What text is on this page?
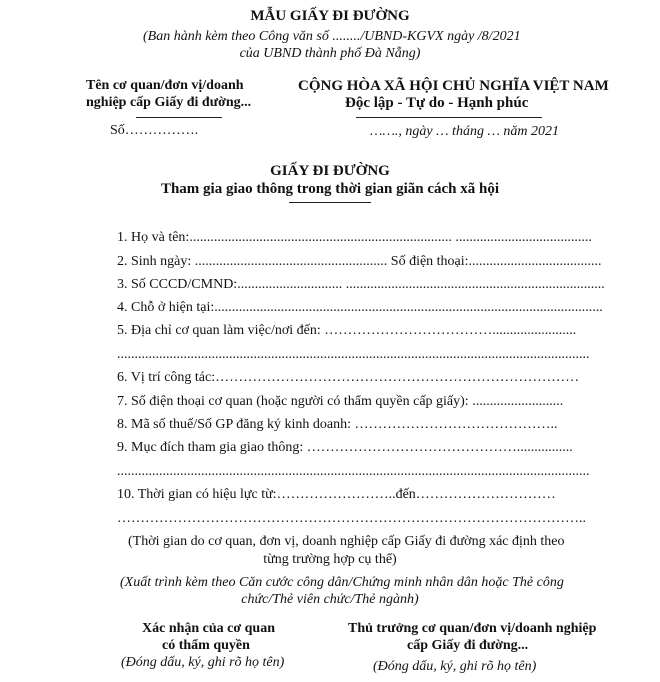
MẪU GIẤY ĐI ĐƯỜNG
(Ban hành kèm theo Công văn số ......../UBND-KGVX ngày /8/2021
của UBND thành phố Đà Nẵng)
Tên cơ quan/đơn vị/doanh
nghiệp cấp Giấy đi đường...
Số…………….
CỘNG HÒA XÃ HỘI CHỦ NGHĨA VIỆT NAM
Độc lập - Tự do - Hạnh phúc
……., ngày … tháng … năm 2021
GIẤY ĐI ĐƯỜNG
Tham gia giao thông trong thời gian giãn cách xã hội
1. Họ và tên:........................................................................... .......................................
2. Sinh ngày: ....................................................... Số điện thoại:......................................
3. Số CCCD/CMND:.............................. ..........................................................................
4. Chỗ ở hiện tại:...............................................................................................................
5. Địa chỉ cơ quan làm việc/nơi đến: ………………………………........................
.......................................................................................................................................
6. Vị trí công tác:……………………………………………………………………
7. Số điện thoại cơ quan (hoặc người có thẩm quyền cấp giấy): ..........................
8. Mã số thuế/Số GP đăng ký kinh doanh: ……………………………………..
9. Mục đích tham gia giao thông: ………………………………………................
.......................................................................................................................................
10. Thời gian có hiệu lực từ:……………………..đến…………………………
………………………………………………………………………………………..
(Thời gian do cơ quan, đơn vị, doanh nghiệp cấp Giấy đi đường xác định theo
từng trường hợp cụ thể)
(Xuất trình kèm theo Căn cước công dân/Chứng minh nhân dân hoặc Thẻ công
chức/Thẻ viên chức/Thẻ ngành)
Xác nhận của cơ quan
có thẩm quyền
(Đóng dấu, ký, ghi rõ họ tên)
Thủ trưởng cơ quan/đơn vị/doanh nghiệp
cấp Giấy đi đường...
(Đóng dấu, ký, ghi rõ họ tên)
